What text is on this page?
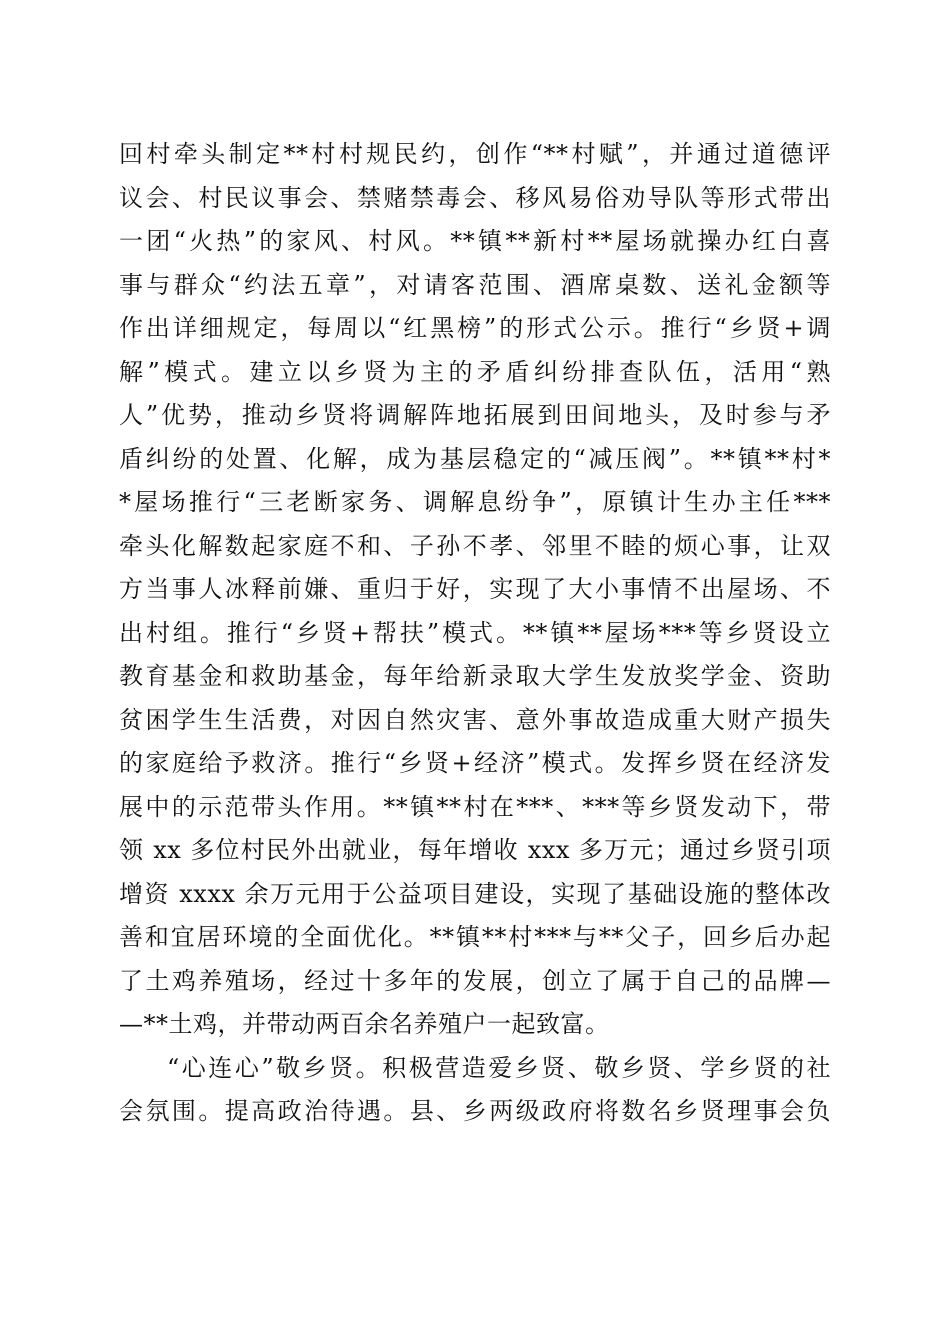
回村牵头制定**村村规民约，创作“**村赋”，并通过道德评
议会、村民议事会、禁赌禁毒会、移风易俗劝导队等形式带出
一团“火热”的家风、村风。**镇**新村**屋场就操办红白喜
事与群众“约法五章”，对请客范围、酒席桌数、送礼金额等
作出详细规定，每周以“红黑榜”的形式公示。推行“乡贤+调
解”模式。建立以乡贤为主的矛盾纠纷排查队伍，活用“熟
人”优势，推动乡贤将调解阵地拓展到田间地头，及时参与矛
盾纠纷的处置、化解，成为基层稳定的“减压阀”。**镇**村*
*屋场推行“三老断家务、调解息纷争”，原镇计生办主任***
牵头化解数起家庭不和、子孙不孝、邻里不睦的烦心事，让双
方当事人冰释前嫌、重归于好，实现了大小事情不出屋场、不
出村组。推行“乡贤+帮扶”模式。**镇**屋场***等乡贤设立
教育基金和救助基金，每年给新录取大学生发放奖学金、资助
贫困学生生活费，对因自然灾害、意外事故造成重大财产损失
的家庭给予救济。推行“乡贤+经济”模式。发挥乡贤在经济发
展中的示范带头作用。**镇**村在***、***等乡贤发动下，带
领 xx 多位村民外出就业，每年增收 xxx 多万元；通过乡贤引项
增资 xxxx 余万元用于公益项目建设，实现了基础设施的整体改
善和宜居环境的全面优化。**镇**村***与**父子，回乡后办起
了土鸡养殖场，经过十多年的发展，创立了属于自己的品牌—
—**土鸡，并带动两百余名养殖户一起致富。
“心连心”敬乡贤。积极营造爱乡贤、敬乡贤、学乡贤的社
会氛围。提高政治待遇。县、乡两级政府将数名乡贤理事会负
